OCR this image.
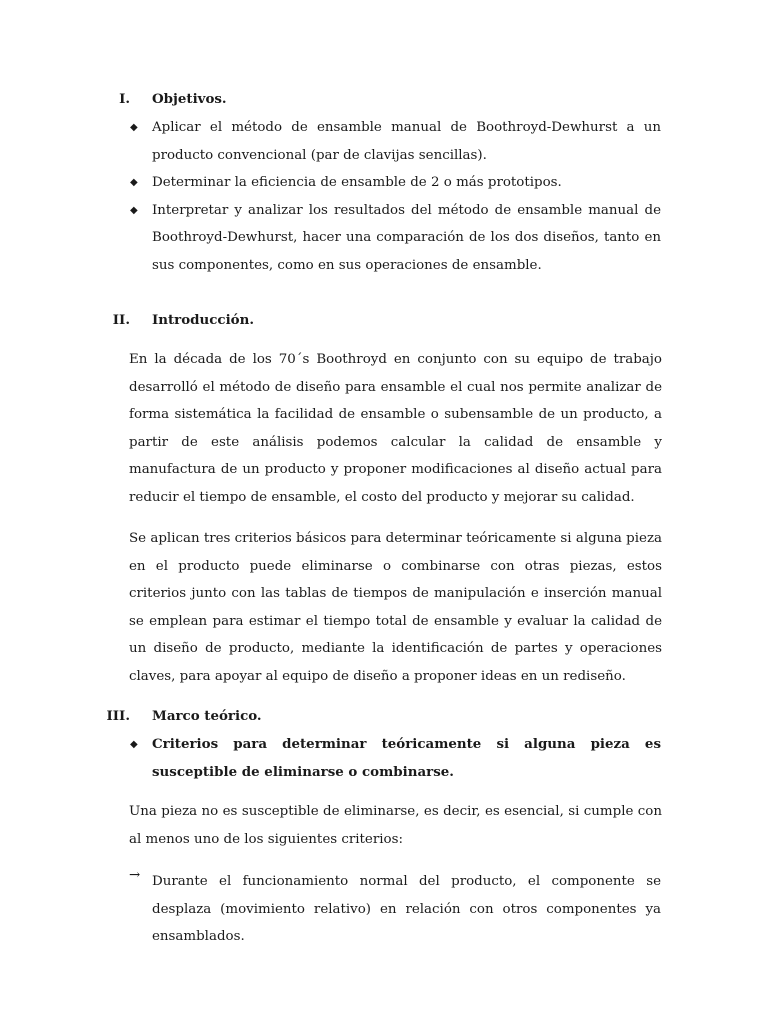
I. Objetivos.
◆ Aplicar el método de ensamble manual de Boothroyd-Dewhurst a un producto convencional (par de clavijas sencillas).
◆ Determinar la eficiencia de ensamble de 2 o más prototipos.
◆ Interpretar y analizar los resultados del método de ensamble manual de Boothroyd-Dewhurst, hacer una comparación de los dos diseños, tanto en sus componentes, como en sus operaciones de ensamble.
II. Introducción.

En la década de los 70´s Boothroyd en conjunto con su equipo de trabajo desarrolló el método de diseño para ensamble el cual nos permite analizar de forma sistemática la facilidad de ensamble o subensamble de un producto, a partir de este análisis podemos calcular la calidad de ensamble y manufactura de un producto y proponer modificaciones al diseño actual para reducir el tiempo de ensamble, el costo del producto y mejorar su calidad.

Se aplican tres criterios básicos para determinar teóricamente si alguna pieza en el producto puede eliminarse o combinarse con otras piezas, estos criterios junto con las tablas de tiempos de manipulación e inserción manual se emplean para estimar el tiempo total de ensamble y evaluar la calidad de un diseño de producto, mediante la identificación de partes y operaciones claves, para apoyar al equipo de diseño a proponer ideas en un rediseño.

III. Marco teórico.
◆ Criterios para determinar teóricamente si alguna pieza es susceptible de eliminarse o combinarse.

Una pieza no es susceptible de eliminarse, es decir, es esencial, si cumple con al menos uno de los siguientes criterios:

→ Durante el funcionamiento normal del producto, el componente se desplaza (movimiento relativo) en relación con otros componentes ya ensamblados.
